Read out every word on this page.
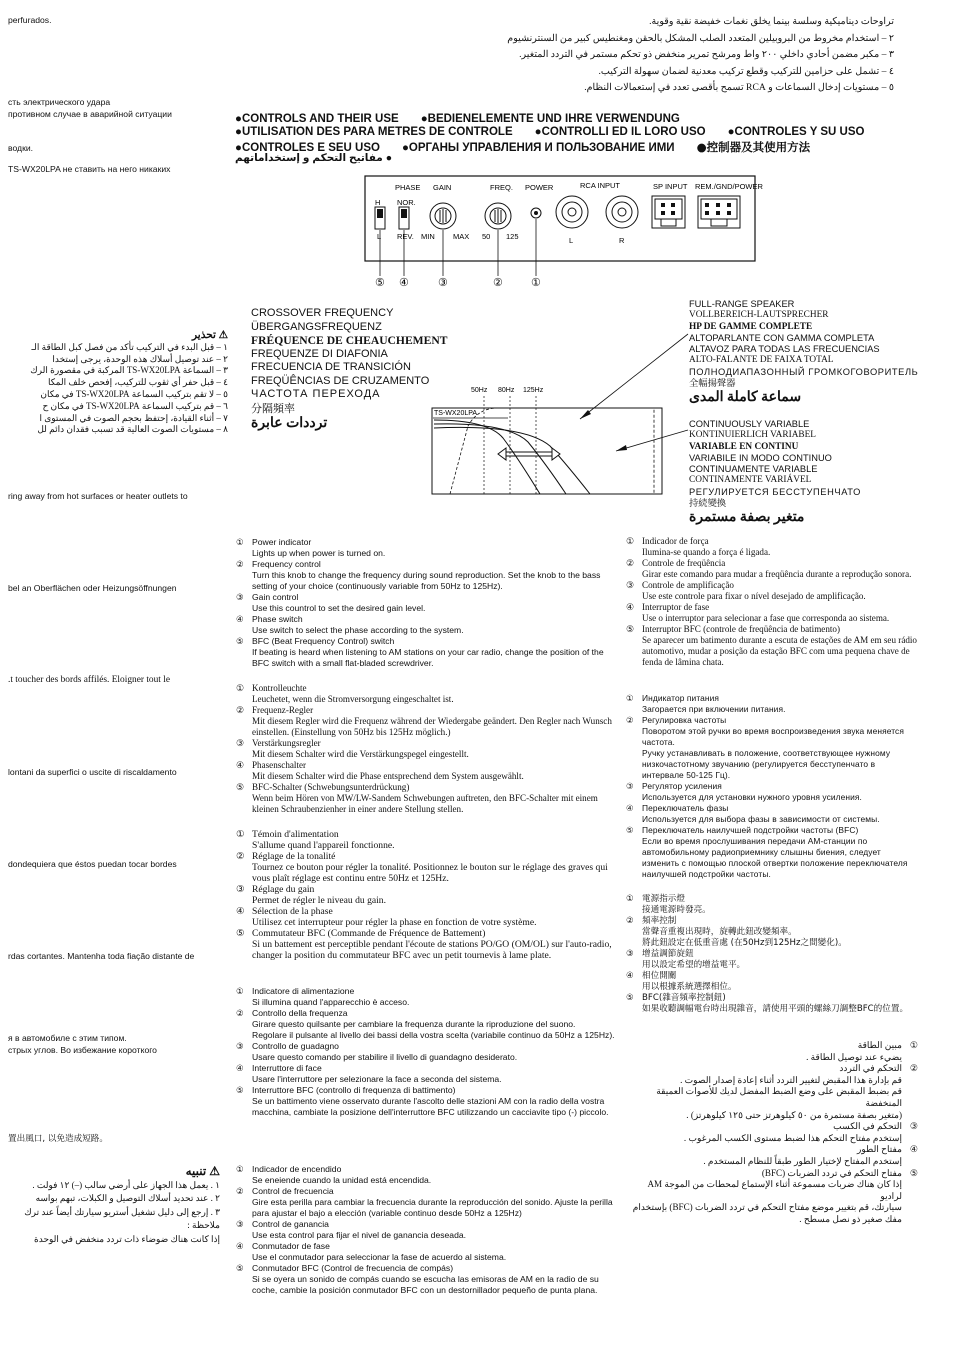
تراوحات ديناميكية وسلسة بينما يخلق نغمات خفيضة نقية وقوية.
٢ – استخدام مخروط من البروبيلين المتعدد الصلب المشكل بالحقن ومغنطيس كبير من السنترنشيوم
٣ – مكبر مضمن أحادي داخلي ٢٠٠ واط ومرشح تمرير منخفض ذو تحكم مستمر في التردد المتغير.
٤ – تشمل على حزامين للتركيب وقطع تركيب معدنية لضمان سهولة التركيب.
٥ – مستويات إدخال السماعات و RCA تسمح بأقصى تعدد في إستعمالات النظام.
perfurados.
сть электрического удара
противном случае в аварийной ситуации
водки.
TS-WX20LPA не ставить на него никаких
⚠ تحذير
١ – قبل البدء في التركيب تأكد من فصل كبل الطاقة الـ
٢ – عند توصيل أسلاك هذه الوحدة، يرجى إستخدا
٣ – السماعة TS-WX20LPA المركبة في مقصورة الرك
٤ – قبل حفر أي ثقوب للتركيب، إفحص خلف المكا
٥ – لا تقم بتركيب السماعة TS-WX20LPA في مكان
٦ – قم بتركيب السماعة TS-WX20LPA في مكان ح
٧ – أثناء القيادة، إحتفظ بحجم الصوت في المستوى ا
٨ – مستويات الصوت العالية قد تسبب فقدان دائم لل
ring away from hot surfaces or heater outlets to
bel an Oberflächen oder Heizungsöffnungen
.t toucher des bords affilés. Eloigner tout le
lontani da superfici o uscite di riscaldamento
dondequiera que éstos puedan tocar bordes
rdas cortantes. Mantenha toda fiação distante de
я в автомобиле с этим типом.
стрых углов. Во избежание короткого
置出風口, 以免造成短路。
⚠ تنبيه
١ . يعمل هذا الجهاز على أرضي سالب (–) ١٢ فولت .
٢ . عند تحديد أسلاك التوصيل و الكبلات، تبهم بواسه
٣ . إرجع إلى دليل تشغيل أستريو سيارتك أيضاً عند ترك
ملاحظة :
إذا كانت هناك ضوضاء ذات تردد منخفض في الوحدة
●CONTROLS AND THEIR USE ●BEDIENELEMENTE UND IHRE VERWENDUNG
●UTILISATION DES PARA METRES DE CONTROLE ●CONTROLLI ED IL LORO USO ●CONTROLES Y SU USO
●CONTROLES E SEU USO ●ОРГАНЫ УПРАВЛЕНИЯ И ПОЛЬЗОВАНИЕ ИМИ ●控制器及其使用方法
● مفاتيح التحكم و إستخداماتهم
PHASE GAIN	FREQ. POWER	RCA INPUT	SP INPUT REM./GND/POWER
H
L
NOR.
REV. MIN MAX 50 125	L	R
⑤ ④	③	②	①
CROSSOVER FREQUENCY
ÜBERGANGSFREQUENZ
FRÉQUENCE DE CHEAUCHEMENT
FREQUENZE DI DIAFONIA
FRECUENCIA DE TRANSICIÓN
FREQÜÊNCIAS DE CRUZAMENTO
ЧАСТОТА ПЕРЕХОДА
分隔頻率
ترددات عابرة
TS-WX20LPA
50Hz 80Hz 125Hz
FULL-RANGE SPEAKER
VOLLBEREICH-LAUTSPRECHER
HP DE GAMME COMPLETE
ALTOPARLANTE CON GAMMA COMPLETA
ALTAVOZ PARA TODAS LAS FRECUENCIAS
ALTO-FALANTE DE FAIXA TOTAL
ПОЛНОДИАПАЗОННЫЙ ГРОМКОГОВОРИТЕЛЬ
全幅揚聲器
سماعة كاملة المدى
CONTINUOUSLY VARIABLE
KONTINUIERLICH VARIABEL
VARIABLE EN CONTINU
VARIABILE IN MODO CONTINUO
CONTINUAMENTE VARIABLE
CONTINAMENTE VARIÁVEL
РЕГУЛИРУЕТСЯ БЕССТУПЕНЧАТО
持続變換
متغير بصفة مستمرة
① Power indicator
Lights up when power is turned on.
② Frequency control
Turn this knob to change the frequency during sound reproduction. Set the knob to the bass setting of your choice (continuously variable from 50Hz to 125Hz).
③ Gain control
Use this countrol to set the desired gain level.
④ Phase switch
Use switch to select the phase according to the system.
⑤ BFC (Beat Frequency Control) switch
If beating is heard when listening to AM stations on your car radio, change the position of the BFC switch with a small flat-bladed screwdriver.
① Kontrolleuchte
Leuchetet, wenn die Stromversorgung eingeschaltet ist.
② Frequenz-Regler
Mit diesem Regler wird die Frequenz während der Wiedergabe geändert. Den Regler nach Wunsch einstellen. (Einstellung von 50Hz bis 125Hz möglich.)
③ Verstärkungsregler
Mit diesem Schalter wird die Verstärkungspegel eingestellt.
④ Phasenschalter
Mit diesem Schalter wird die Phase entsprechend dem System ausgewählt.
⑤ BFC-Schalter (Schwebungsunterdrückung)
Wenn beim Hören von MW/LW-Sandem Schwebungen auftreten, den BFC-Schalter mit einem kleinen Schraubenzienher in einer andere Stellung stellen.
① Témoin d'alimentation
S'allume quand l'appareil fonctionne.
② Réglage de la tonalité
Tournez ce bouton pour régler la tonalité. Positionnez le bouton sur le réglage des graves qui vous plaît réglage est continu entre 50Hz et 125Hz.
③ Réglage du gain
Permet de régler le niveau du gain.
④ Sélection de la phase
Utilisez cet interrupteur pour régler la phase en fonction de votre système.
⑤ Commutateur BFC (Commande de Fréquence de Battement)
Si un battement est perceptible pendant l'écoute de stations PO/GO (OM/OL) sur l'auto-radio, changer la position du commutateur BFC avec un petit tournevis à lame plate.
① Indicatore di alimentazione
Si illumina quand l'apparecchio è acceso.
② Controllo della frequenza
Girare questo quilsante per cambiare la frequenza durante la riproduzione del suono.
Regolare il pulsante al livello dei bassi della vostra scelta (variabile continuo da 50Hz a 125Hz).
③ Controllo de guadagno
Usare questo comando per stabilire il livello di guandagno desiderato.
④ Interruttore di face
Usare l'interruttore per selezionare la face a seconda del sistema.
⑤ Interruttore BFC (controllo di frequenza di battimento)
Se un battimento viene osservato durante l'ascolto delle stazioni AM con la radio della vostra macchina, cambiate la posizione dell'interruttore BFC utilizzando un cacciavite tipo (-) piccolo.
① Indicador de encendido
Se eneiende cuando la unidad está encendida.
② Control de frecuencia
Gire esta perilla para cambiar la frecuencia durante la reproducción del sonido. Ajuste la perilla para ajustar el bajo a elección (variable continuo desde 50Hz a 125Hz)
③ Control de ganancia
Use esta control para fijar el nivel de ganancia deseada.
④ Conmutador de fase
Use el conmutador para seleccionar la fase de acuerdo al sistema.
⑤ Conmutador BFC (Control de frecuencia de compás)
Si se oyera un sonido de compás cuando se escucha las emisoras de AM en la radio de su coche, cambie la posición conmutador BFC con un destornillador pequeño de punta plana.
① Indicador de força
Ilumina-se quando a força é ligada.
② Controle de freqüência
Girar este comando para mudar a freqüência durante a reprodução sonora.
③ Controle de amplificação
Use este controle para fixar o nível desejado de amplificação.
④ Interruptor de fase
Use o interruptor para selecionar a fase que corresponda ao sistema.
⑤ Interruptor BFC (controle de freqüência de batimento)
Se aparecer um batimento durante a escuta de estações de AM em seu rádio automotivo, mudar a posição da estação BFC com uma pequena chave de fenda de lâmina chata.
① Индикатор питания
Загорается при включении питания.
② Регулировка частоты
Поворотом этой ручки во время воспроизведения звука меняется частота.
Ручку устанавливать в положение, соответствующее нужному низкочастотному звучанию (регулируется бесступенчато в интервале 50-125 Гц).
③ Регулятор усиления
Используется для установки нужного уровня усиления.
④ Переключатель фазы
Используется для выбора фазы в зависимости от системы.
⑤ Переключатель наилучшей подстройки частоты (BFC)
Если во время прослушивания передачи АМ-станции по автомобильному радиоприемнику слышны биения, следует изменить с помощью плоской отвертки положение переключателя наилучшей подстройки частоты.
① 電源指示燈
接通電源時發亮。
② 頻率控制
當聲音重複出現時，旋轉此鈕改變頻率。
將此鈕設定在低重音處 (在50Hz到125Hz之間變化)。
③ 增益調節旋鈕
用以設定希望的增益電平。
④ 相位開關
用以根據系統選擇相位。
⑤ BFC(雜音頻率控制鈕)
如果收聽調幅電台時出現雜音，請使用平頭的螺絲刀調整BFC的位置。
①
مبين الطاقة
يضيء عند توصيل الطاقة .
②
التحكم في التردد
قم بإدارة هذا المقبض لتغيير التردد أثناء إعادة إصدار الصوت .
قم بضبط المقبض على وضع الضبط المفضل لديك للأصوات العميقة المنخفضة
(متغير بصفة مستمرة من ٥٠ كيلوهرتز حتى ١٢٥ كيلوهرتز) .
③
التحكم في الكسب
إستخدم مفتاح التحكم هذا لضبط مستوى الكسب المرغوب .
④
مفتاح الطور
إستخدم المفتاح لإختيار الطور طبقاً للنظام المستخدم .
⑤
مفتاح التحكم في تردد الضربات (BFC)
إذا كان هناك ضربات مسموعة أثناء الإستماع لمحطات من الموجة AM لراديو
سيارتك، قم بتغيير موضع مفتاح التحكم في تردد الضربات (BFC) بإستخدام
مفك صغير ذو نصل مسطح .
